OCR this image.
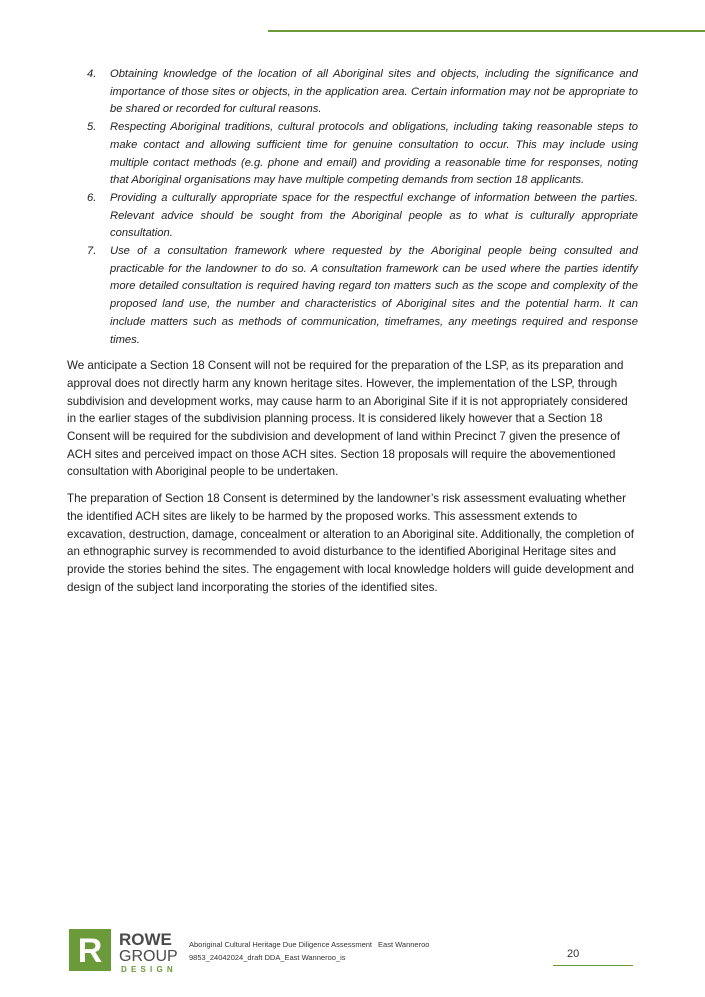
4. Obtaining knowledge of the location of all Aboriginal sites and objects, including the significance and importance of those sites or objects, in the application area. Certain information may not be appropriate to be shared or recorded for cultural reasons.
5. Respecting Aboriginal traditions, cultural protocols and obligations, including taking reasonable steps to make contact and allowing sufficient time for genuine consultation to occur. This may include using multiple contact methods (e.g. phone and email) and providing a reasonable time for responses, noting that Aboriginal organisations may have multiple competing demands from section 18 applicants.
6. Providing a culturally appropriate space for the respectful exchange of information between the parties. Relevant advice should be sought from the Aboriginal people as to what is culturally appropriate consultation.
7. Use of a consultation framework where requested by the Aboriginal people being consulted and practicable for the landowner to do so. A consultation framework can be used where the parties identify more detailed consultation is required having regard ton matters such as the scope and complexity of the proposed land use, the number and characteristics of Aboriginal sites and the potential harm. It can include matters such as methods of communication, timeframes, any meetings required and response times.

We anticipate a Section 18 Consent will not be required for the preparation of the LSP, as its preparation and approval does not directly harm any known heritage sites. However, the implementation of the LSP, through subdivision and development works, may cause harm to an Aboriginal Site if it is not appropriately considered in the earlier stages of the subdivision planning process. It is considered likely however that a Section 18 Consent will be required for the subdivision and development of land within Precinct 7 given the presence of ACH sites and perceived impact on those ACH sites. Section 18 proposals will require the abovementioned consultation with Aboriginal people to be undertaken.

The preparation of Section 18 Consent is determined by the landowner’s risk assessment evaluating whether the identified ACH sites are likely to be harmed by the proposed works. This assessment extends to excavation, destruction, damage, concealment or alteration to an Aboriginal site. Additionally, the completion of an ethnographic survey is recommended to avoid disturbance to the identified Aboriginal Heritage sites and provide the stories behind the sites. The engagement with local knowledge holders will guide development and design of the subject land incorporating the stories of the identified sites.

R ROWE
GROUP
DESIGN
Aboriginal Cultural Heritage Due Diligence Assessment East Wanneroo
9853_24042024_draft DDA_East Wanneroo_is	20
